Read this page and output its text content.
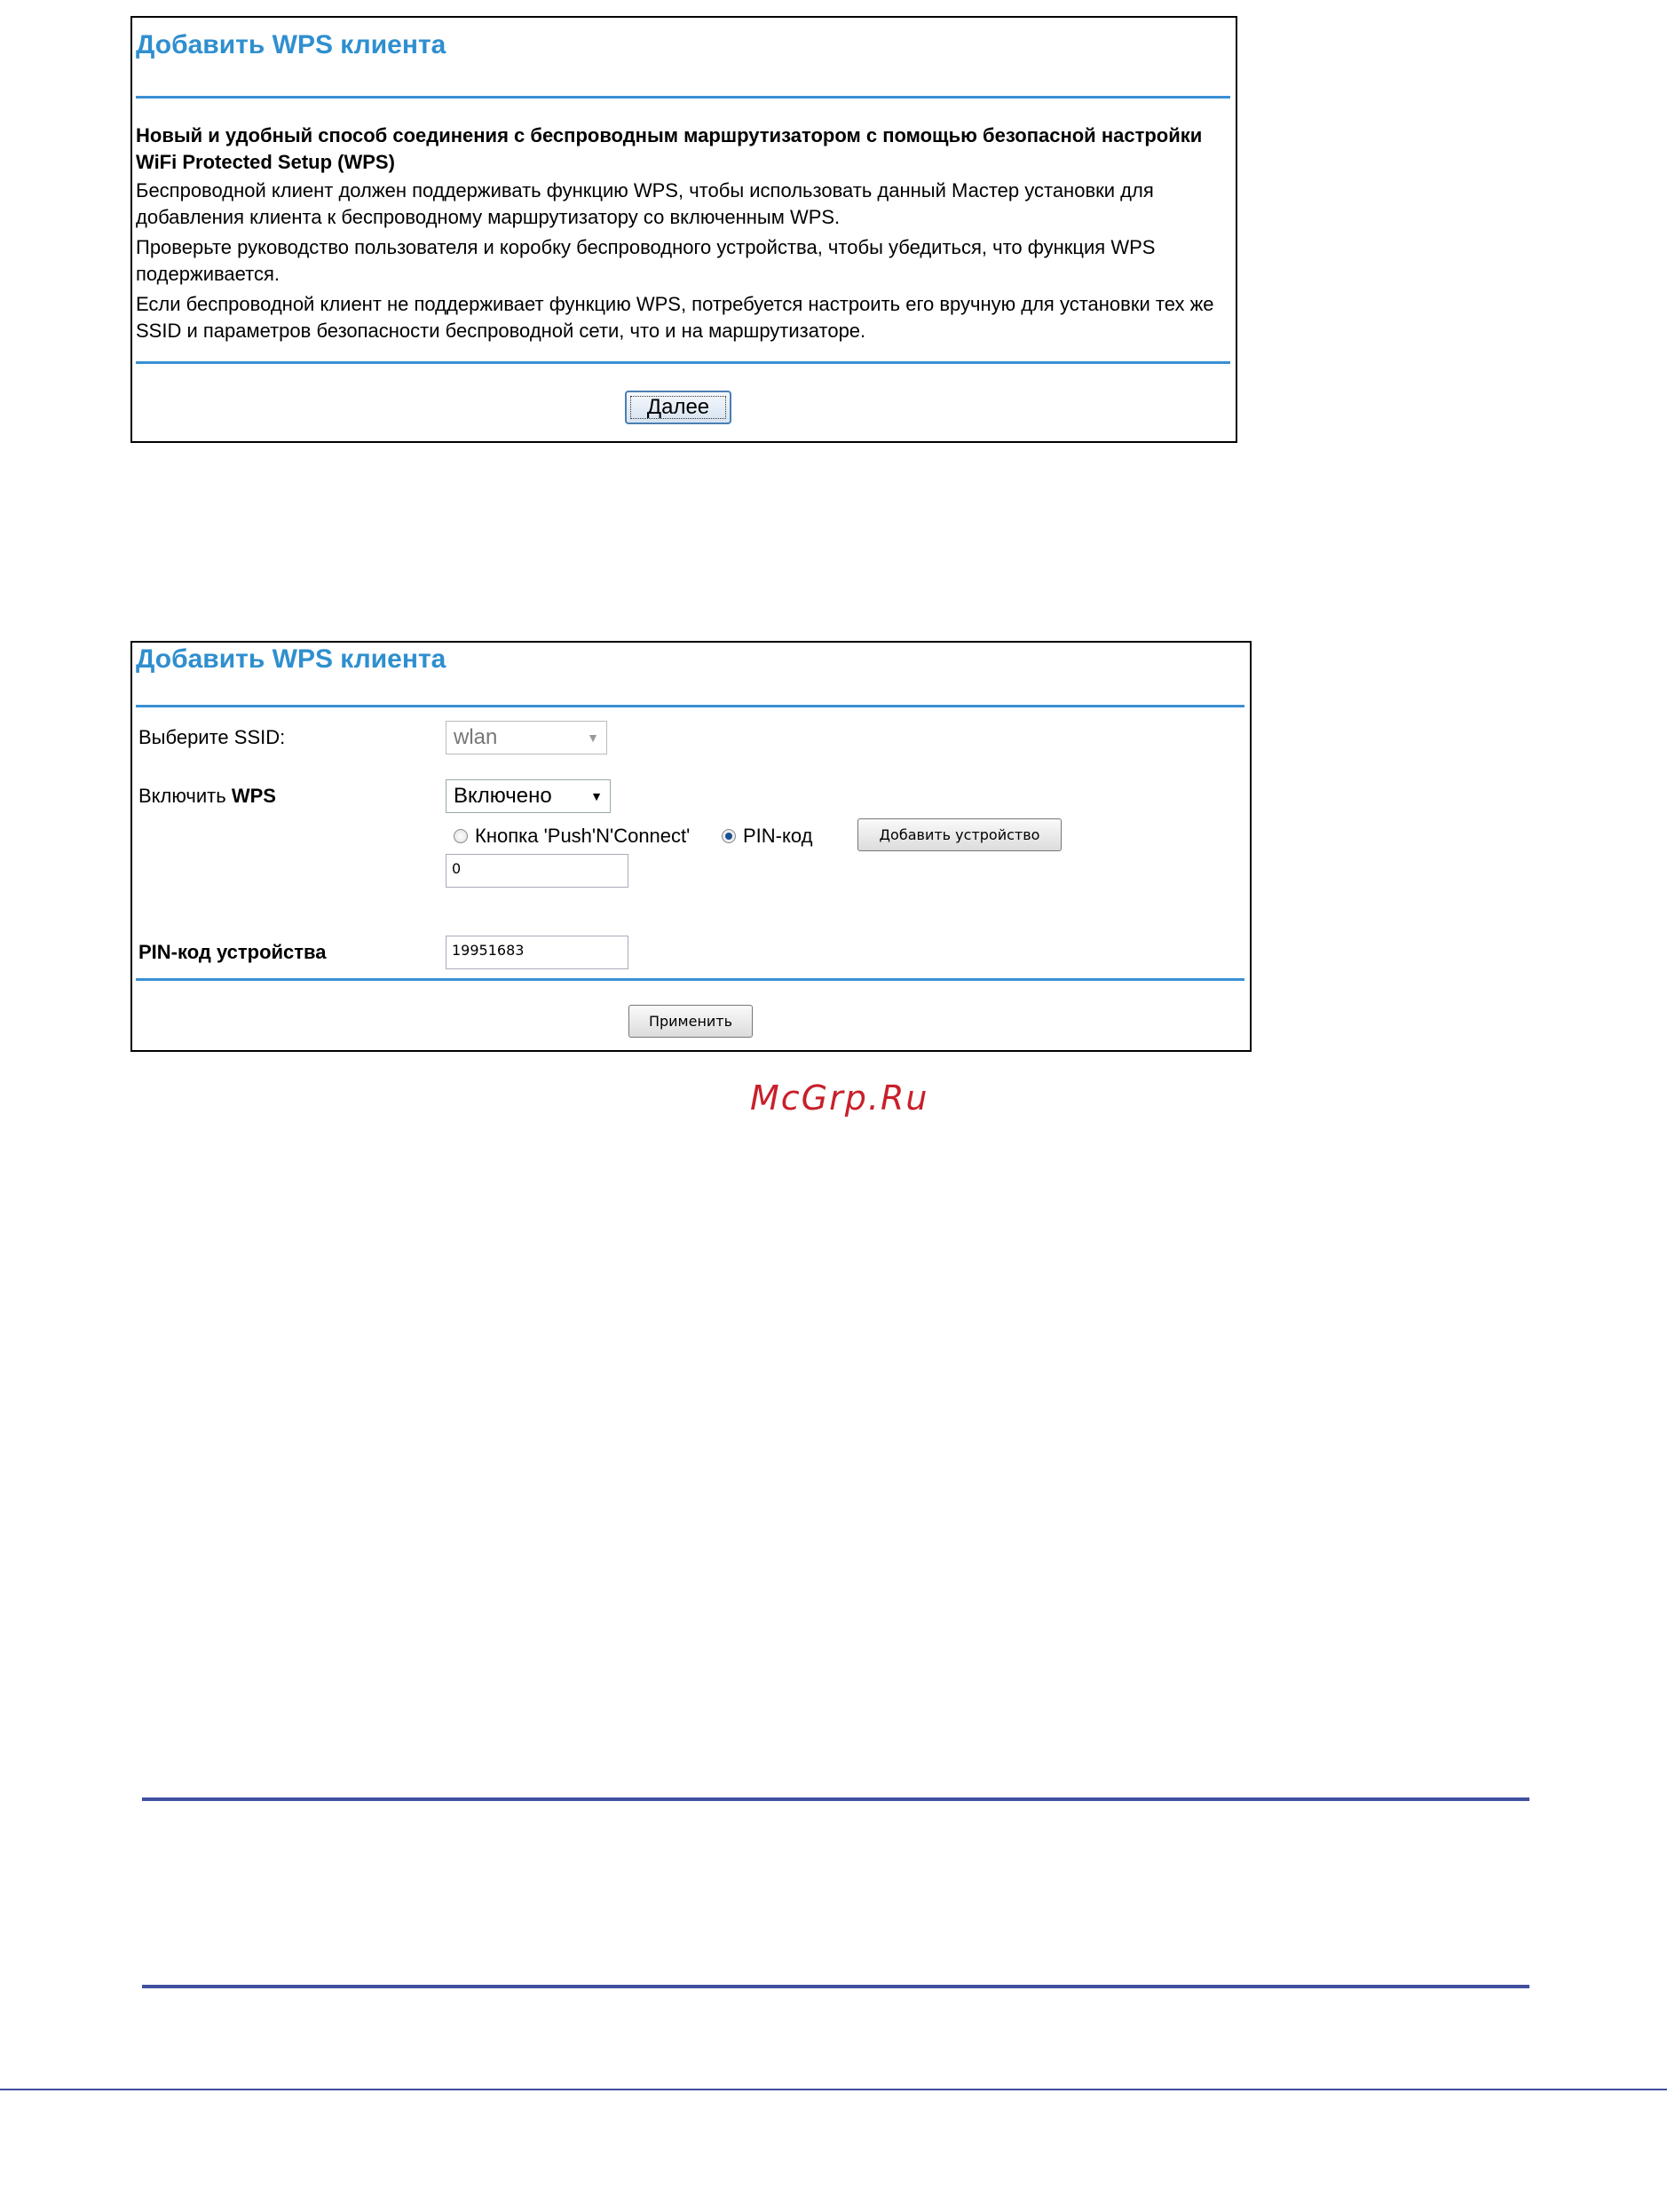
Добавить WPS клиента
Новый и удобный способ соединения с беспроводным маршрутизатором с помощью безопасной настройки WiFi Protected Setup (WPS)
Беспроводной клиент должен поддерживать функцию WPS, чтобы использовать данный Мастер установки для добавления клиента к беспроводному маршрутизатору со включенным WPS.
Проверьте руководство пользователя и коробку беспроводного устройства, чтобы убедиться, что функция WPS подерживается.
Если беспроводной клиент не поддерживает функцию WPS, потребуется настроить его вручную для установки тех же SSID и параметров безопасности беспроводной сети, что и на маршрутизаторе.
Далее
Добавить WPS клиента
Выберите SSID:	wlan	▼
Включить WPS	Включено	▼
Кнопка 'Push'N'Connect'	PIN-код	Добавить устройство
0
PIN-код устройства	19951683
Применить
McGrp.Ru
